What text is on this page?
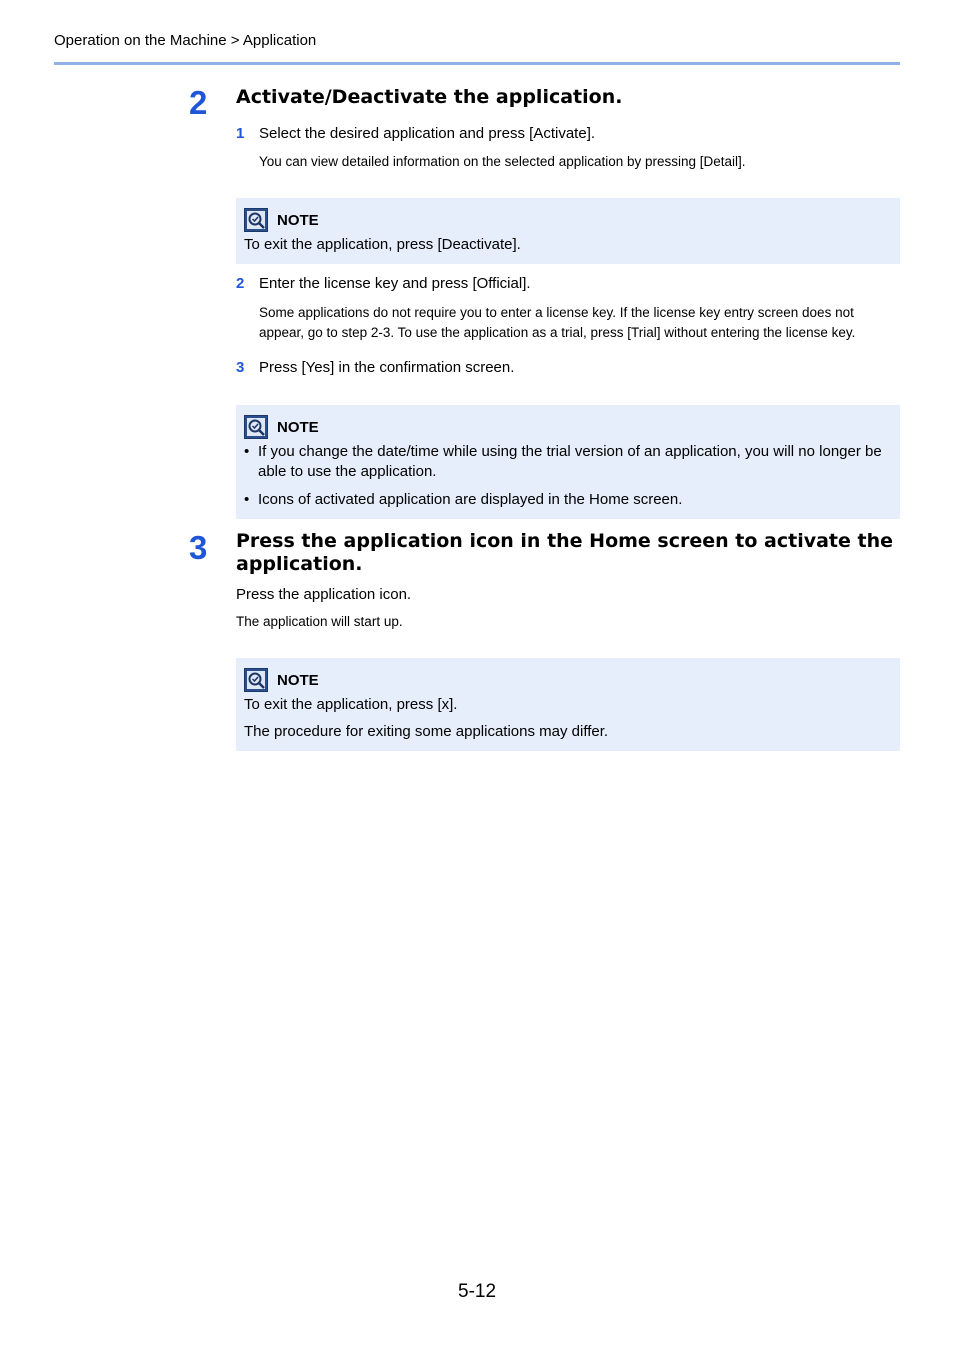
Operation on the Machine > Application
2 Activate/Deactivate the application.
1 Select the desired application and press [Activate].
You can view detailed information on the selected application by pressing [Detail].
NOTE
To exit the application, press [Deactivate].
2 Enter the license key and press [Official].
Some applications do not require you to enter a license key. If the license key entry screen does not appear, go to step 2-3. To use the application as a trial, press [Trial] without entering the license key.
3 Press [Yes] in the confirmation screen.
NOTE
• If you change the date/time while using the trial version of an application, you will no longer be able to use the application.
• Icons of activated application are displayed in the Home screen.
3 Press the application icon in the Home screen to activate the application.
Press the application icon.
The application will start up.
NOTE
To exit the application, press [x].
The procedure for exiting some applications may differ.
5-12
